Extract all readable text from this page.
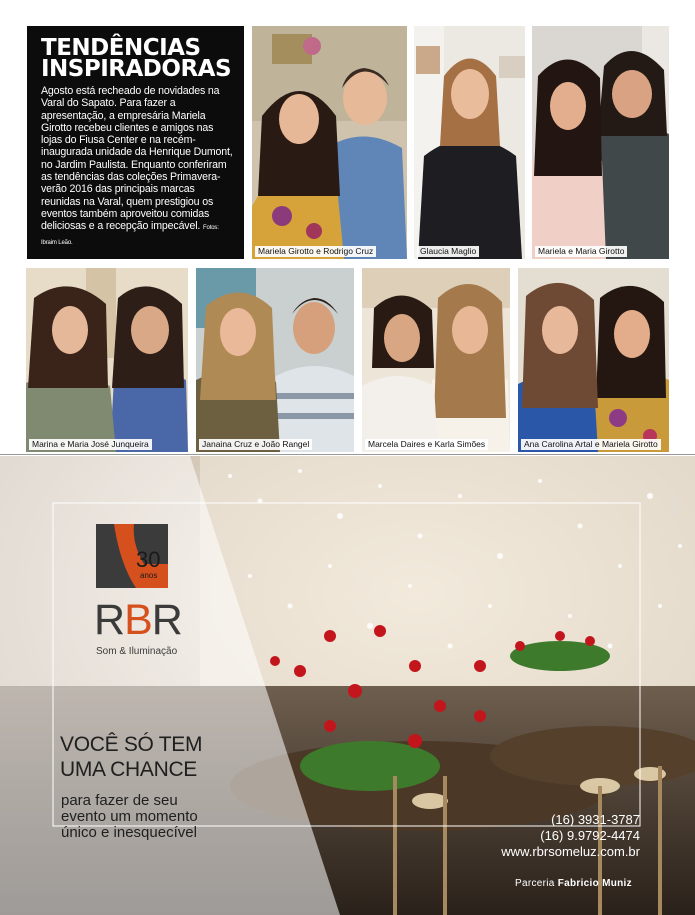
TENDÊNCIAS
INSPIRADORAS

Agosto está recheado de novidades na Varal do Sapato. Para fazer a apresentação, a empresária Mariela Girotto recebeu clientes e amigos nas lojas do Fiusa Center e na recém-inaugurada unidade da Henrique Dumont, no Jardim Paulista. Enquanto conferiram as tendências das coleções Primavera-verão 2016 das principais marcas reunidas na Varal, quem prestigiou os eventos também aproveitou comidas deliciosas e a recepção impecável. Fotos: Ibraim Leão.

Mariela Girotto e Rodrigo Cruz	Glaucia Maglio	Mariela e Maria Girotto
Marina e Maria José Junqueira	Janaina Cruz e João Rangel	Marcela Daires e Karla Simões	Ana Carolina Artal e Mariela Girotto
30
anos
RBR
Som & Iluminação
VOCÊ SÓ TEM
UMA CHANCE
para fazer de seu
evento um momento
único e inesquecível
(16) 3931-3787
(16) 9.9792-4474
www.rbrsomeluz.com.br
Parceria Fabricio Muniz
Anúncio
